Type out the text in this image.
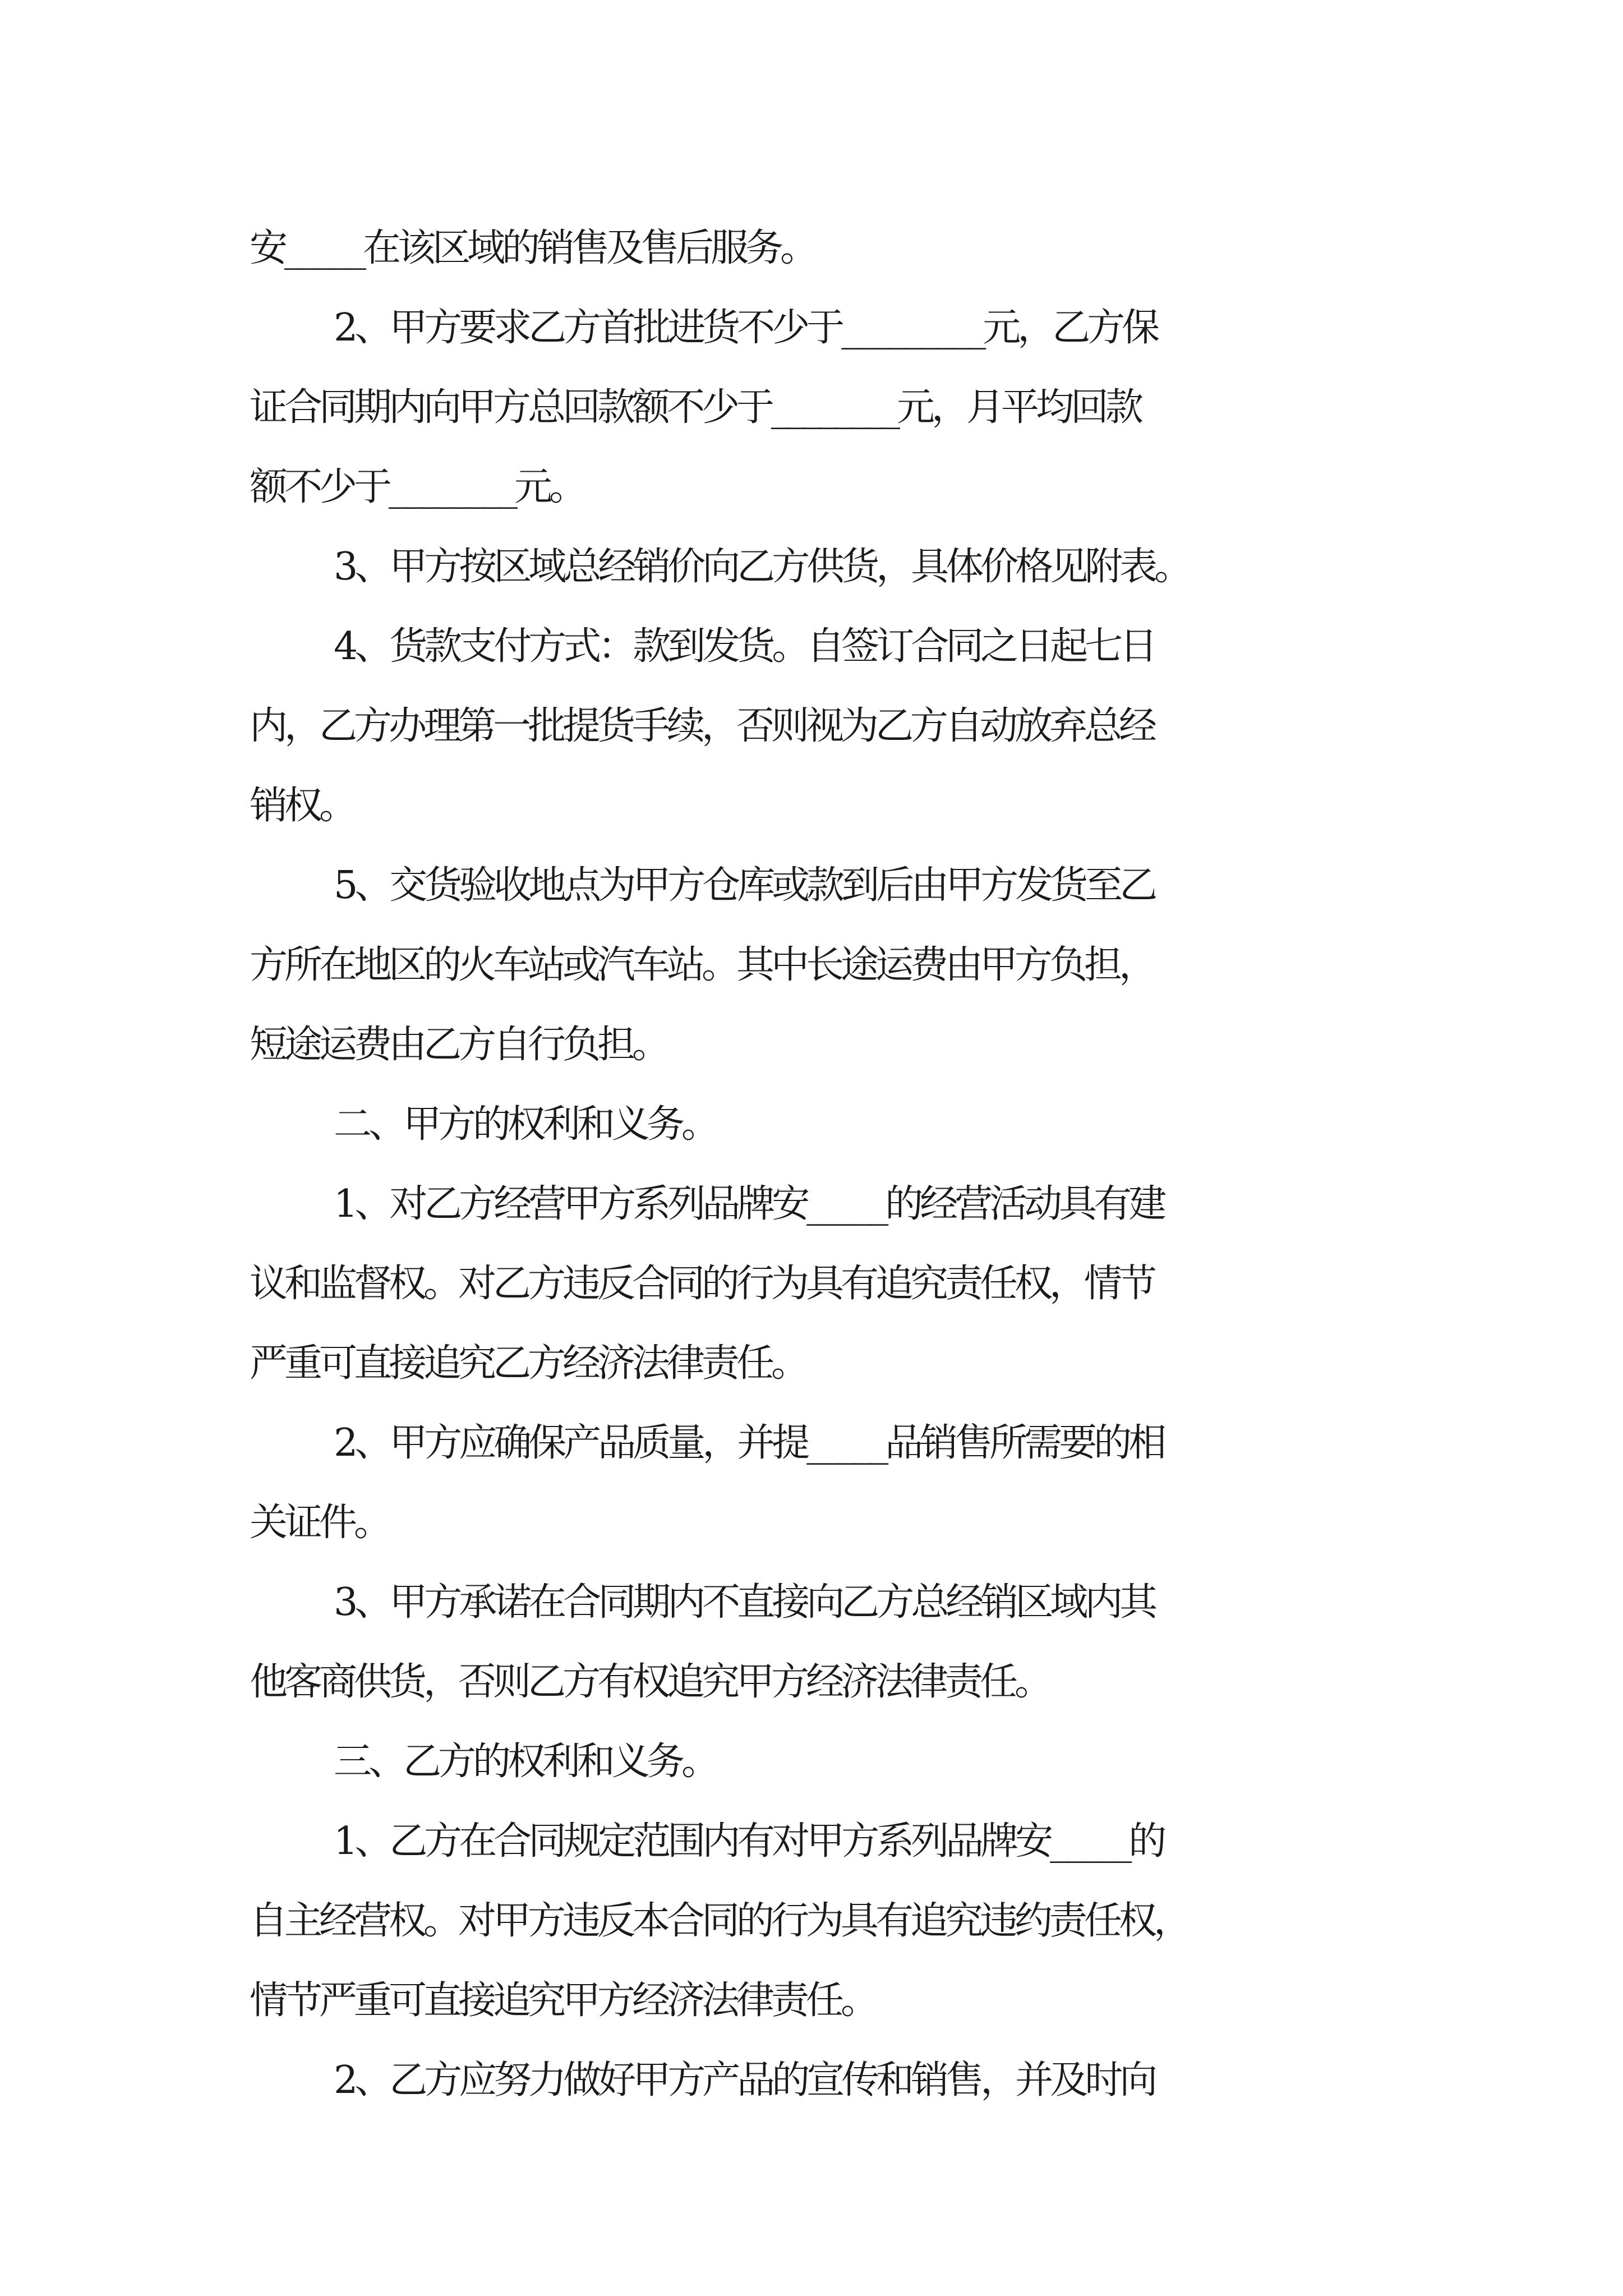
安_____在该区域的销售及售后服务。

2、甲方要求乙方首批进货不少于_________元，乙方保

证合同期内向甲方总回款额不少于________元，月平均回款

额不少于________元。

3、甲方按区域总经销价向乙方供货，具体价格见附表。

4、货款支付方式：款到发货。自签订合同之日起七日

内，乙方办理第一批提货手续，否则视为乙方自动放弃总经

销权。

5、交货验收地点为甲方仓库或款到后由甲方发货至乙

方所在地区的火车站或汽车站。其中长途运费由甲方负担，

短途运费由乙方自行负担。

二、甲方的权利和义务。

1、对乙方经营甲方系列品牌安_____的经营活动具有建

议和监督权。对乙方违反合同的行为具有追究责任权，情节

严重可直接追究乙方经济法律责任。

2、甲方应确保产品质量，并提_____品销售所需要的相

关证件。

3、甲方承诺在合同期内不直接向乙方总经销区域内其

他客商供货，否则乙方有权追究甲方经济法律责任。

三、乙方的权利和义务。

1、乙方在合同规定范围内有对甲方系列品牌安_____的

自主经营权。对甲方违反本合同的行为具有追究违约责任权，

情节严重可直接追究甲方经济法律责任。

2、乙方应努力做好甲方产品的宣传和销售，并及时向
